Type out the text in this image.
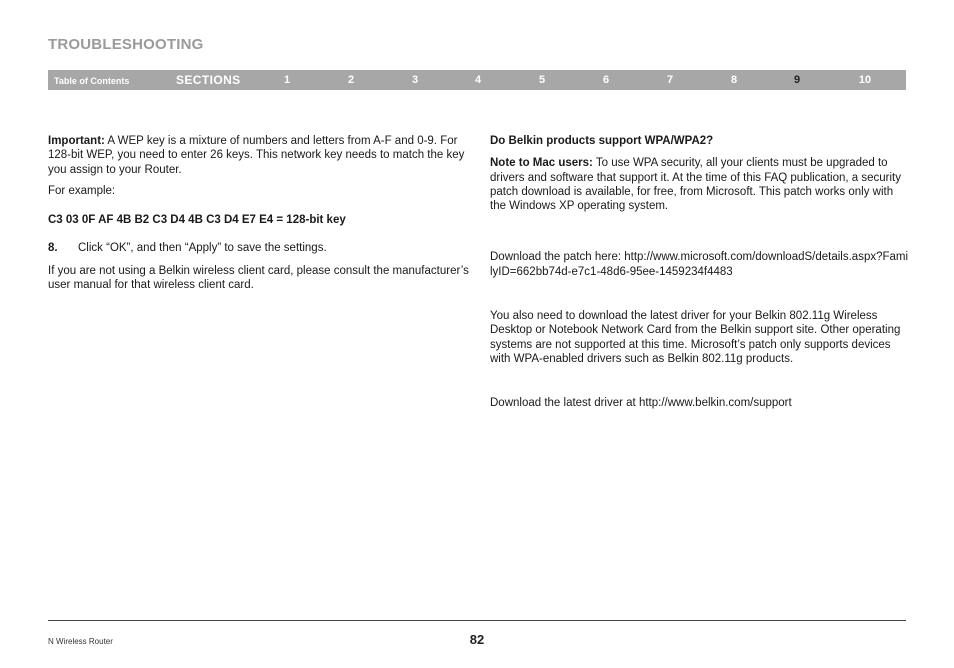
TROUBLESHOOTING
Table of Contents	SECTIONS	1	2	3	4	5	6	7	8	9	10

Important: A WEP key is a mixture of numbers and letters from A-F and 0-9. For 128-bit WEP, you need to enter 26 keys. This network key needs to match the key you assign to your Router.

For example:

C3 03 0F AF 4B B2 C3 D4 4B C3 D4 E7 E4 = 128-bit key

8.	Click “OK”, and then “Apply” to save the settings.

If you are not using a Belkin wireless client card, please consult the manufacturer’s user manual for that wireless client card.

Do Belkin products support WPA/WPA2?

Note to Mac users: To use WPA security, all your clients must be upgraded to drivers and software that support it. At the time of this FAQ publication, a security patch download is available, for free, from Microsoft. This patch works only with the Windows XP operating system.

Download the patch here: http://www.microsoft.com/downloadS/details.aspx?FamilyID=662bb74d-e7c1-48d6-95ee-1459234f4483

You also need to download the latest driver for your Belkin 802.11g Wireless Desktop or Notebook Network Card from the Belkin support site. Other operating systems are not supported at this time. Microsoft’s patch only supports devices with WPA-enabled drivers such as Belkin 802.11g products.

Download the latest driver at http://www.belkin.com/support

N Wireless Router	82
